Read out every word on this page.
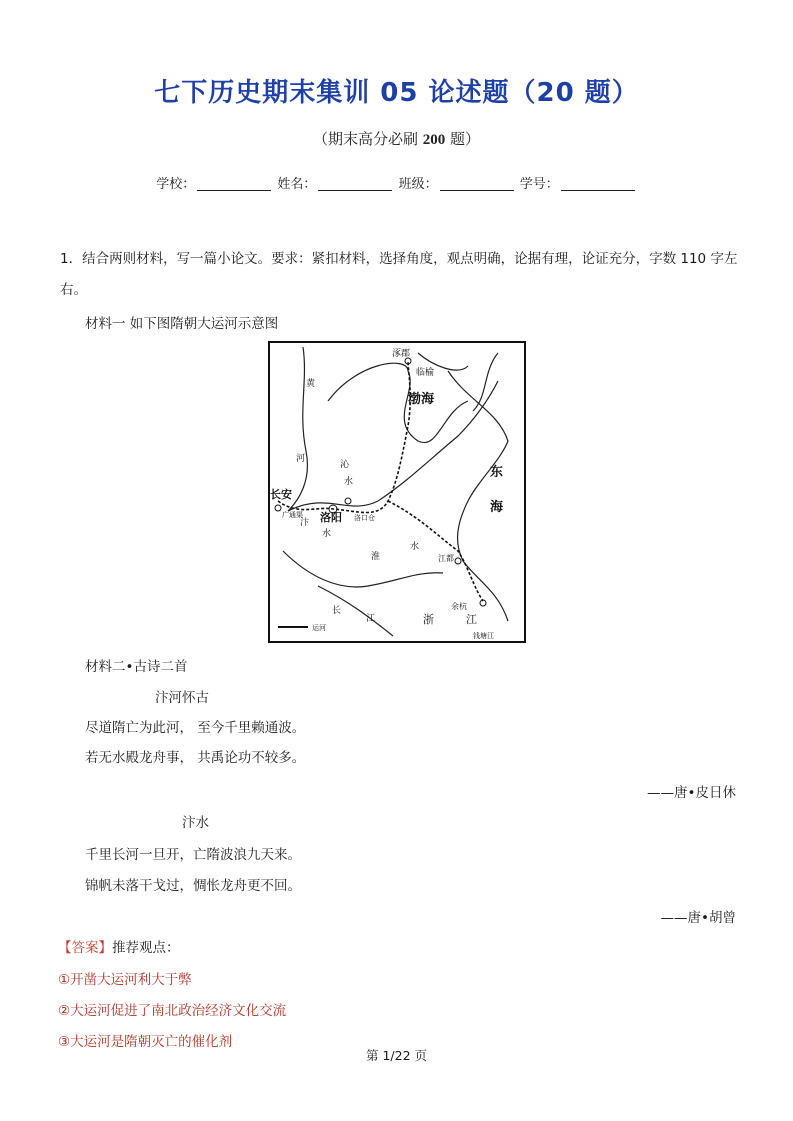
七下历史期末集训 05 论述题（20 题）
（期末高分必刷 200 题）
学校：	姓名：	班级：	学号：
1．结合两则材料，写一篇小论文。要求：紧扣材料，选择角度，观点明确，论据有理，论证充分，字数 110 字左右。
材料一 如下图隋朝大运河示意图
涿郡
临榆
渤海
东
海
黄
河
沁
水
长安
广通渠 洛阳 洛口仓
汴
水
淮
水
江都
余杭
浙	江
长
江
钱塘江
运河
材料二•古诗二首
汴河怀古
尽道隋亡为此河， 至今千里赖通波。
若无水殿龙舟事， 共禹论功不较多。
——唐•皮日休
汴水
千里长河一旦开，亡隋波浪九天来。
锦帆未落干戈过，惆怅龙舟更不回。
——唐•胡曾
【答案】推荐观点：
①开凿大运河利大于弊
②大运河促进了南北政治经济文化交流
③大运河是隋朝灭亡的催化剂
第 1/22 页
